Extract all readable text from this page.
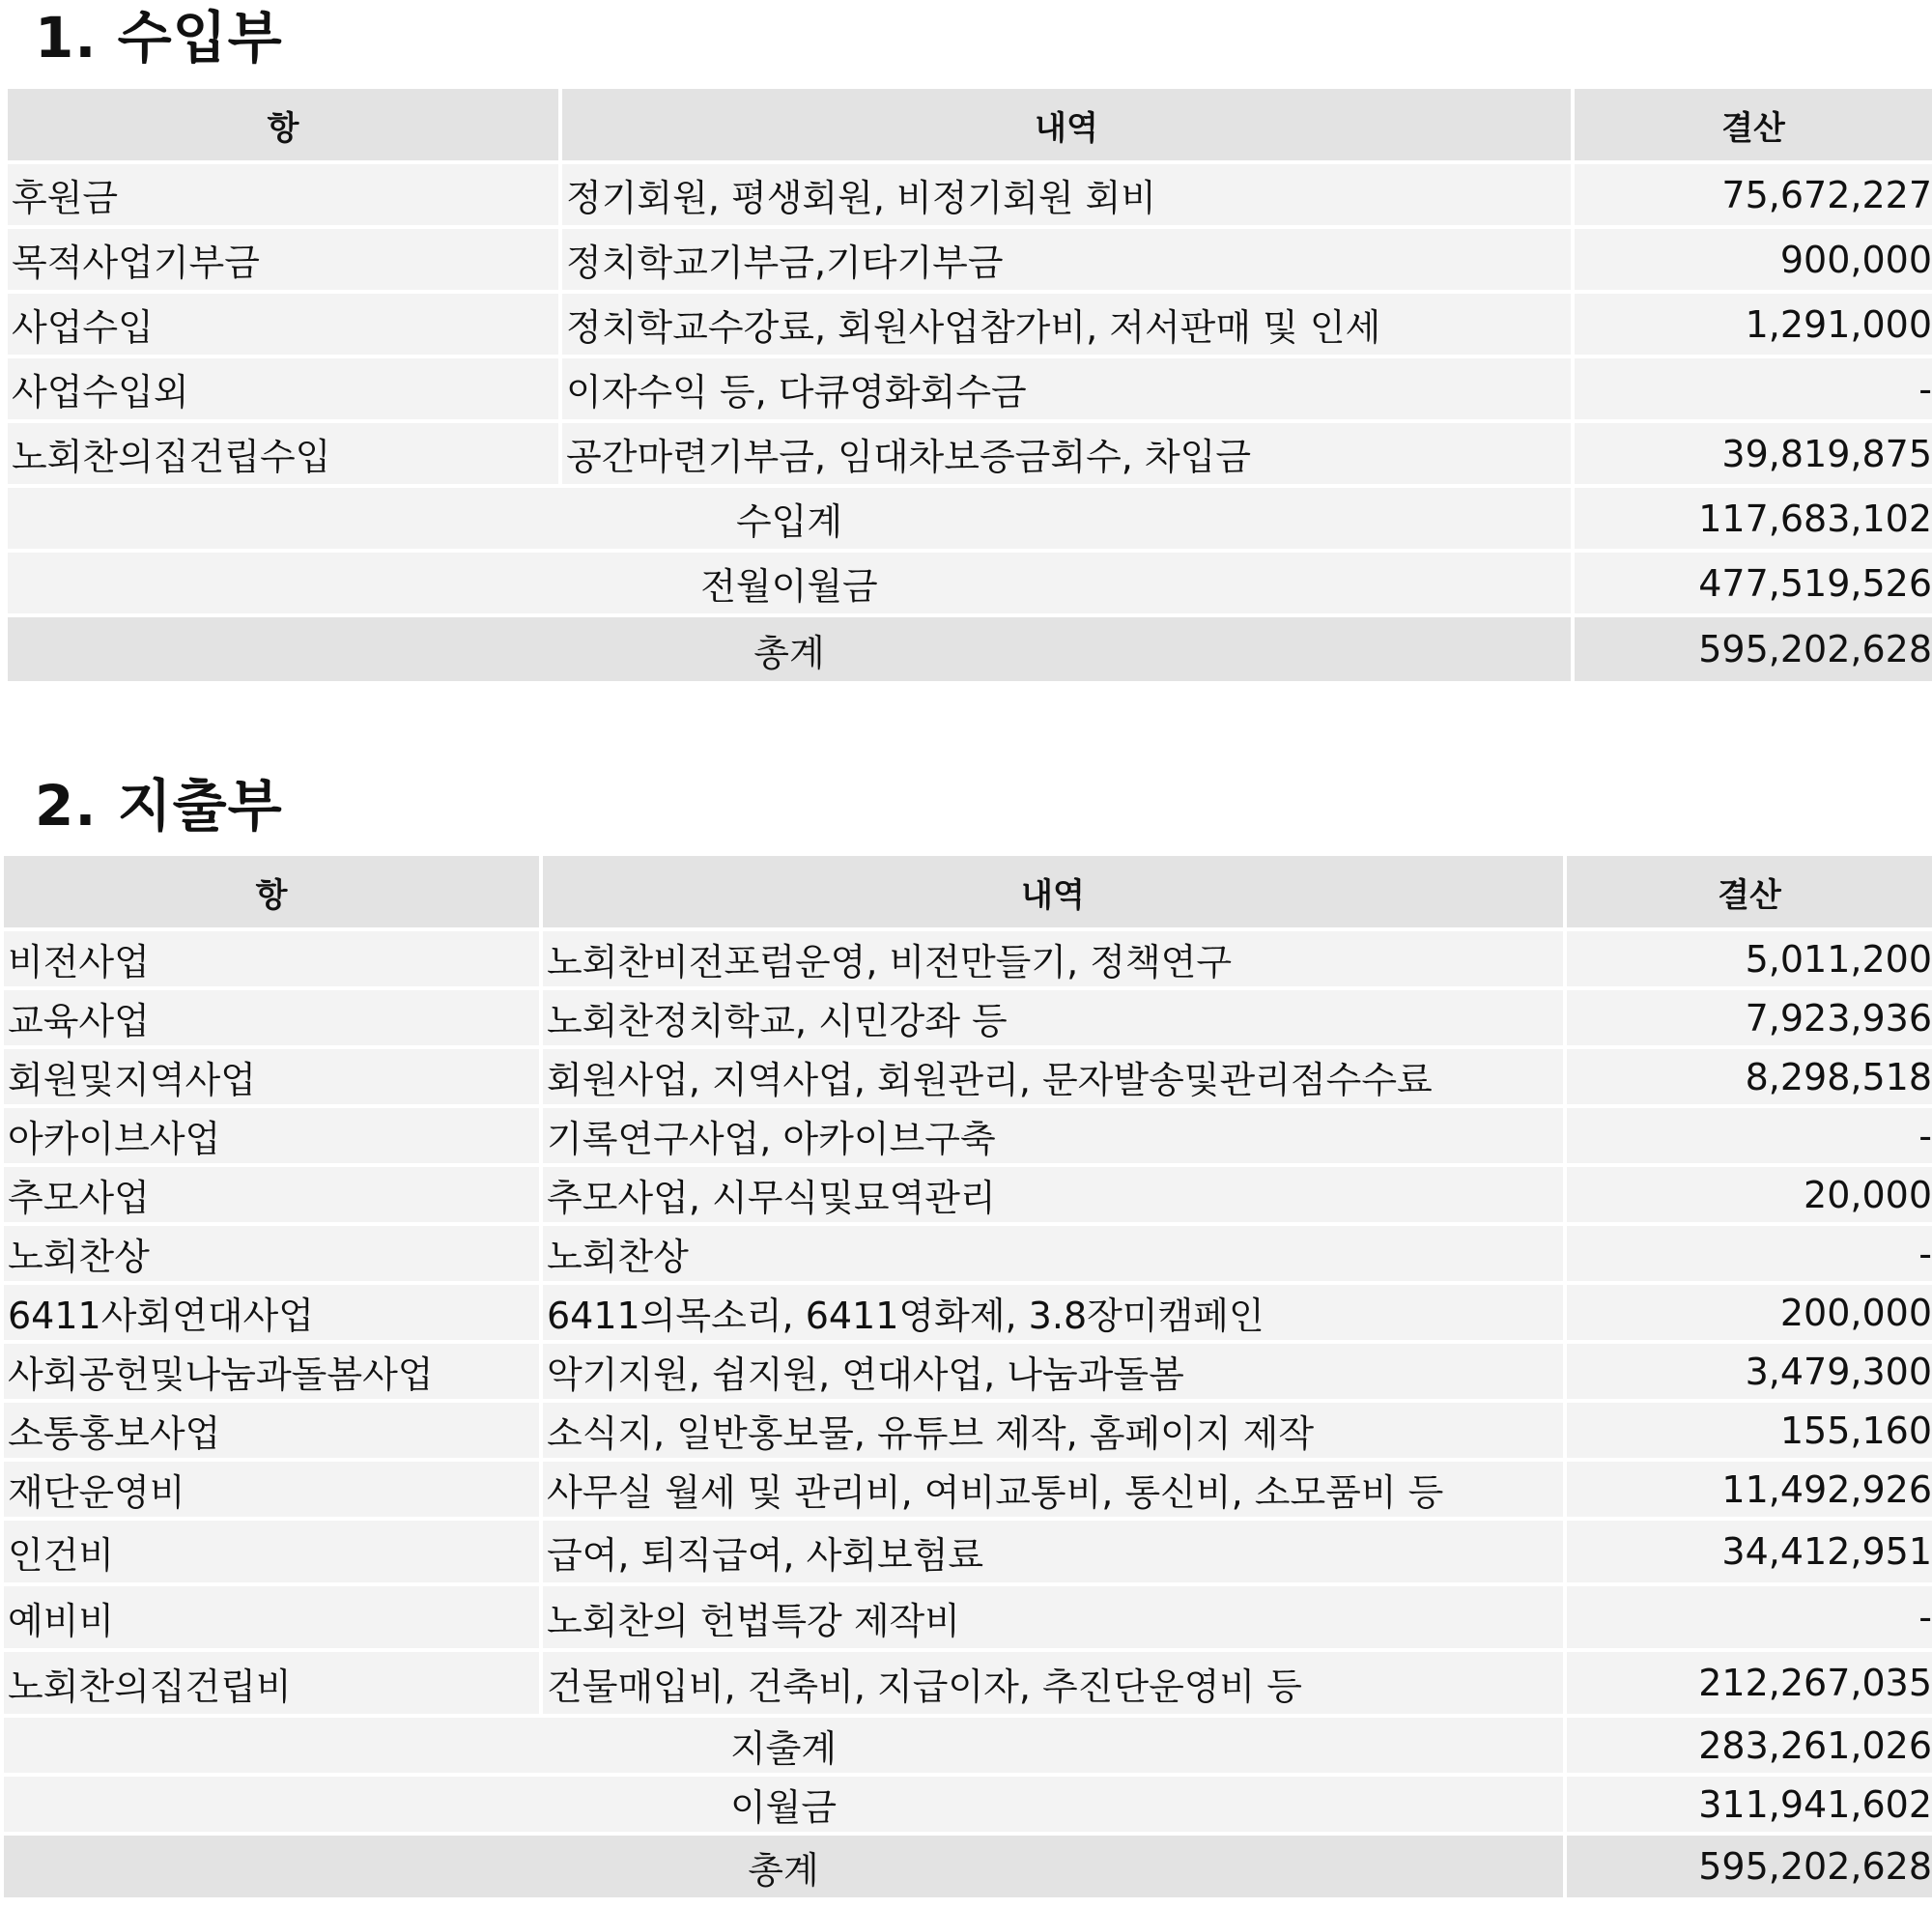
1. 수입부
항	내역	결산
후원금	정기회원, 평생회원, 비정기회원 회비	75,672,227
목적사업기부금	정치학교기부금,기타기부금	900,000
사업수입	정치학교수강료, 회원사업참가비, 저서판매 및 인세	1,291,000
사업수입외	이자수익 등, 다큐영화회수금	-
노회찬의집건립수입	공간마련기부금, 임대차보증금회수, 차입금	39,819,875
수입계		117,683,102
전월이월금		477,519,526
총계		595,202,628
2. 지출부
항	내역	결산
비전사업	노회찬비전포럼운영, 비전만들기, 정책연구	5,011,200
교육사업	노회찬정치학교, 시민강좌 등	7,923,936
회원및지역사업	회원사업, 지역사업, 회원관리, 문자발송및관리점수수료	8,298,518
아카이브사업	기록연구사업, 아카이브구축	-
추모사업	추모사업, 시무식및묘역관리	20,000
노회찬상	노회찬상	-
6411사회연대사업	6411의목소리, 6411영화제, 3.8장미캠페인	200,000
사회공헌및나눔과돌봄사업	악기지원, 쉼지원, 연대사업, 나눔과돌봄	3,479,300
소통홍보사업	소식지, 일반홍보물, 유튜브 제작, 홈페이지 제작	155,160
재단운영비	사무실 월세 및 관리비, 여비교통비, 통신비, 소모품비 등	11,492,926
인건비	급여, 퇴직급여, 사회보험료	34,412,951
예비비	노회찬의 헌법특강 제작비	-
노회찬의집건립비	건물매입비, 건축비, 지급이자, 추진단운영비 등	212,267,035
지출계		283,261,026
이월금		311,941,602
총계		595,202,628
